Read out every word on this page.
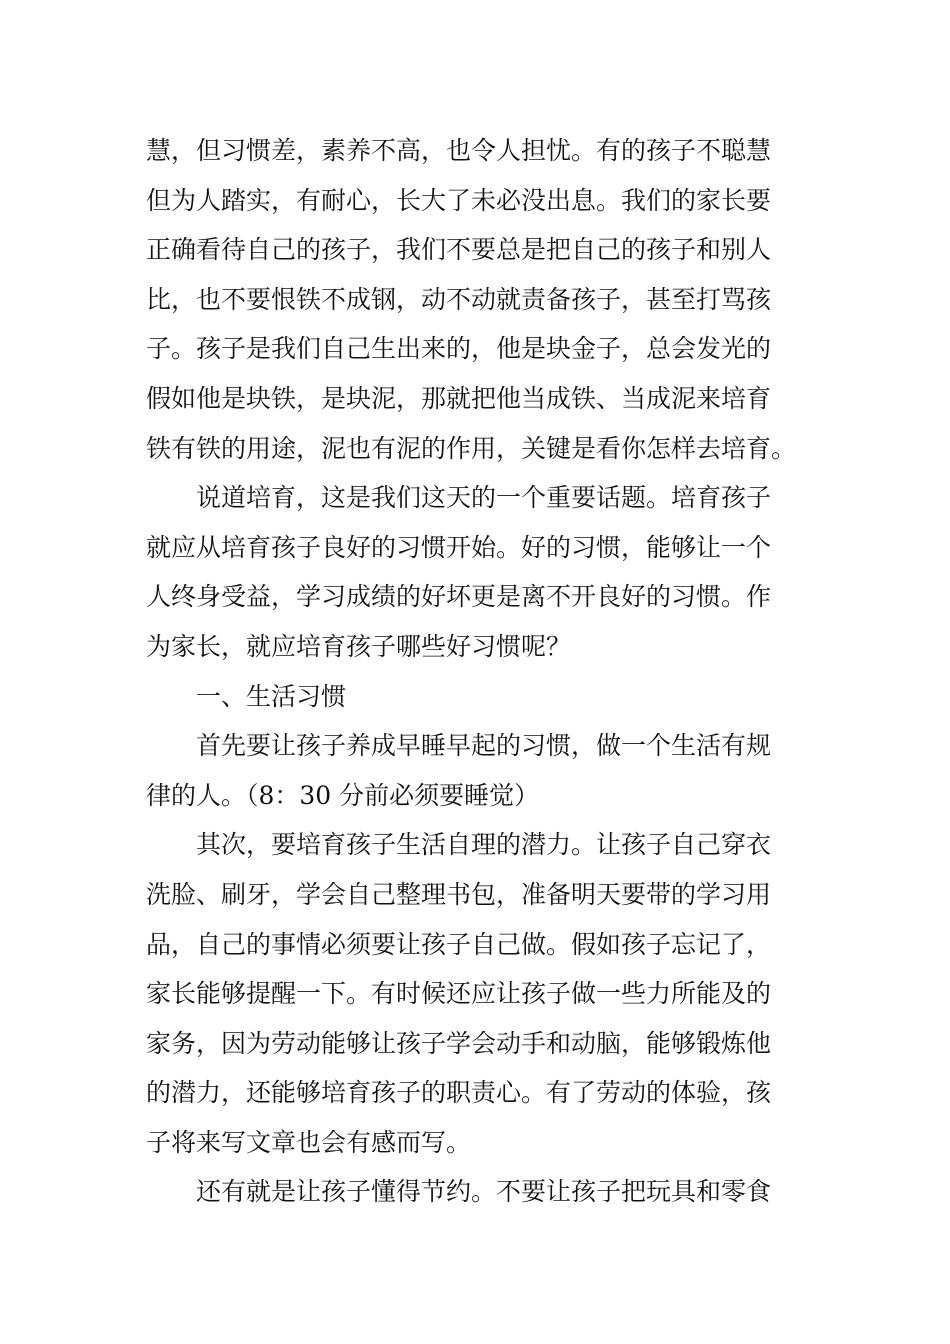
慧，但习惯差，素养不高，也令人担忧。有的孩子不聪慧
但为人踏实，有耐心，长大了未必没出息。我们的家长要
正确看待自己的孩子，我们不要总是把自己的孩子和别人
比，也不要恨铁不成钢，动不动就责备孩子，甚至打骂孩
子。孩子是我们自己生出来的，他是块金子，总会发光的
假如他是块铁，是块泥，那就把他当成铁、当成泥来培育
铁有铁的用途，泥也有泥的作用，关键是看你怎样去培育。
说道培育，这是我们这天的一个重要话题。培育孩子
就应从培育孩子良好的习惯开始。好的习惯，能够让一个
人终身受益，学习成绩的好坏更是离不开良好的习惯。作
为家长，就应培育孩子哪些好习惯呢？
一、生活习惯
首先要让孩子养成早睡早起的习惯，做一个生活有规
律的人。（8：30 分前必须要睡觉）
其次，要培育孩子生活自理的潜力。让孩子自己穿衣
洗脸、刷牙，学会自己整理书包，准备明天要带的学习用
品，自己的事情必须要让孩子自己做。假如孩子忘记了，
家长能够提醒一下。有时候还应让孩子做一些力所能及的
家务，因为劳动能够让孩子学会动手和动脑，能够锻炼他
的潜力，还能够培育孩子的职责心。有了劳动的体验，孩
子将来写文章也会有感而写。
还有就是让孩子懂得节约。不要让孩子把玩具和零食
